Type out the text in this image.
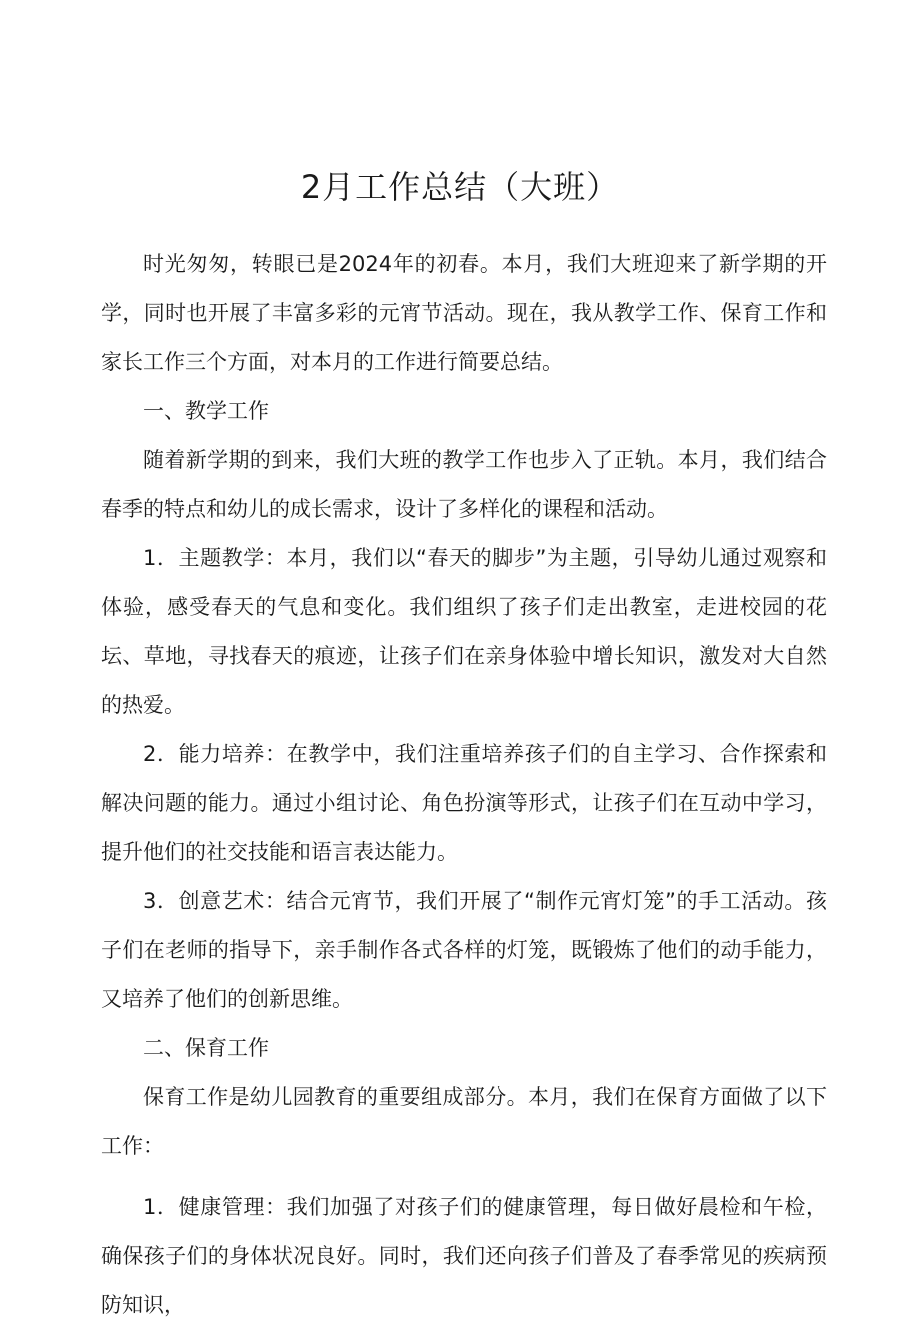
2月工作总结（大班）

时光匆匆，转眼已是2024年的初春。本月，我们大班迎来了新学期的开学，同时也开展了丰富多彩的元宵节活动。现在，我从教学工作、保育工作和家长工作三个方面，对本月的工作进行简要总结。

一、教学工作

随着新学期的到来，我们大班的教学工作也步入了正轨。本月，我们结合春季的特点和幼儿的成长需求，设计了多样化的课程和活动。

1．主题教学：本月，我们以“春天的脚步”为主题，引导幼儿通过观察和体验，感受春天的气息和变化。我们组织了孩子们走出教室，走进校园的花坛、草地，寻找春天的痕迹，让孩子们在亲身体验中增长知识，激发对大自然的热爱。

2．能力培养：在教学中，我们注重培养孩子们的自主学习、合作探索和解决问题的能力。通过小组讨论、角色扮演等形式，让孩子们在互动中学习，提升他们的社交技能和语言表达能力。

3．创意艺术：结合元宵节，我们开展了“制作元宵灯笼”的手工活动。孩子们在老师的指导下，亲手制作各式各样的灯笼，既锻炼了他们的动手能力，又培养了他们的创新思维。

二、保育工作

保育工作是幼儿园教育的重要组成部分。本月，我们在保育方面做了以下工作：

1．健康管理：我们加强了对孩子们的健康管理，每日做好晨检和午检，确保孩子们的身体状况良好。同时，我们还向孩子们普及了春季常见的疾病预防知识，
